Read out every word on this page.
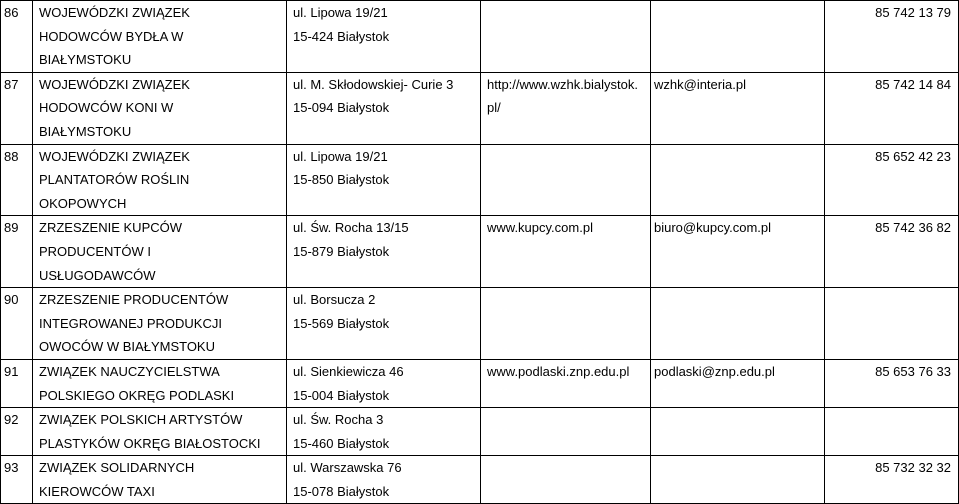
86	WOJEWÓDZKI ZWIĄZEK
HODOWCÓW BYDŁA W
BIAŁYMSTOKU	ul. Lipowa 19/21
15-424 Białystok			85 742 13 79

87	WOJEWÓDZKI ZWIĄZEK
HODOWCÓW KONI W
BIAŁYMSTOKU	ul. M. Skłodowskiej- Curie 3
15-094 Białystok	http://www.wzhk.bialystok.
pl/	wzhk@interia.pl	85 742 14 84

88	WOJEWÓDZKI ZWIĄZEK
PLANTATORÓW ROŚLIN
OKOPOWYCH	ul. Lipowa 19/21
15-850 Białystok			85 652 42 23

89	ZRZESZENIE KUPCÓW
PRODUCENTÓW I
USŁUGODAWCÓW	ul. Św. Rocha 13/15
15-879 Białystok	www.kupcy.com.pl	biuro@kupcy.com.pl	85 742 36 82

90	ZRZESZENIE PRODUCENTÓW
INTEGROWANEJ PRODUKCJI
OWOCÓW W BIAŁYMSTOKU	ul. Borsucza 2
15-569 Białystok			

91	ZWIĄZEK NAUCZYCIELSTWA
POLSKIEGO OKRĘG PODLASKI	ul. Sienkiewicza 46
15-004 Białystok	www.podlaski.znp.edu.pl	podlaski@znp.edu.pl	85 653 76 33

92	ZWIĄZEK POLSKICH ARTYSTÓW
PLASTYKÓW OKRĘG BIAŁOSTOCKI	ul. Św. Rocha 3
15-460 Białystok			

93	ZWIĄZEK SOLIDARNYCH
KIEROWCÓW TAXI	ul. Warszawska 76
15-078 Białystok			85 732 32 32
